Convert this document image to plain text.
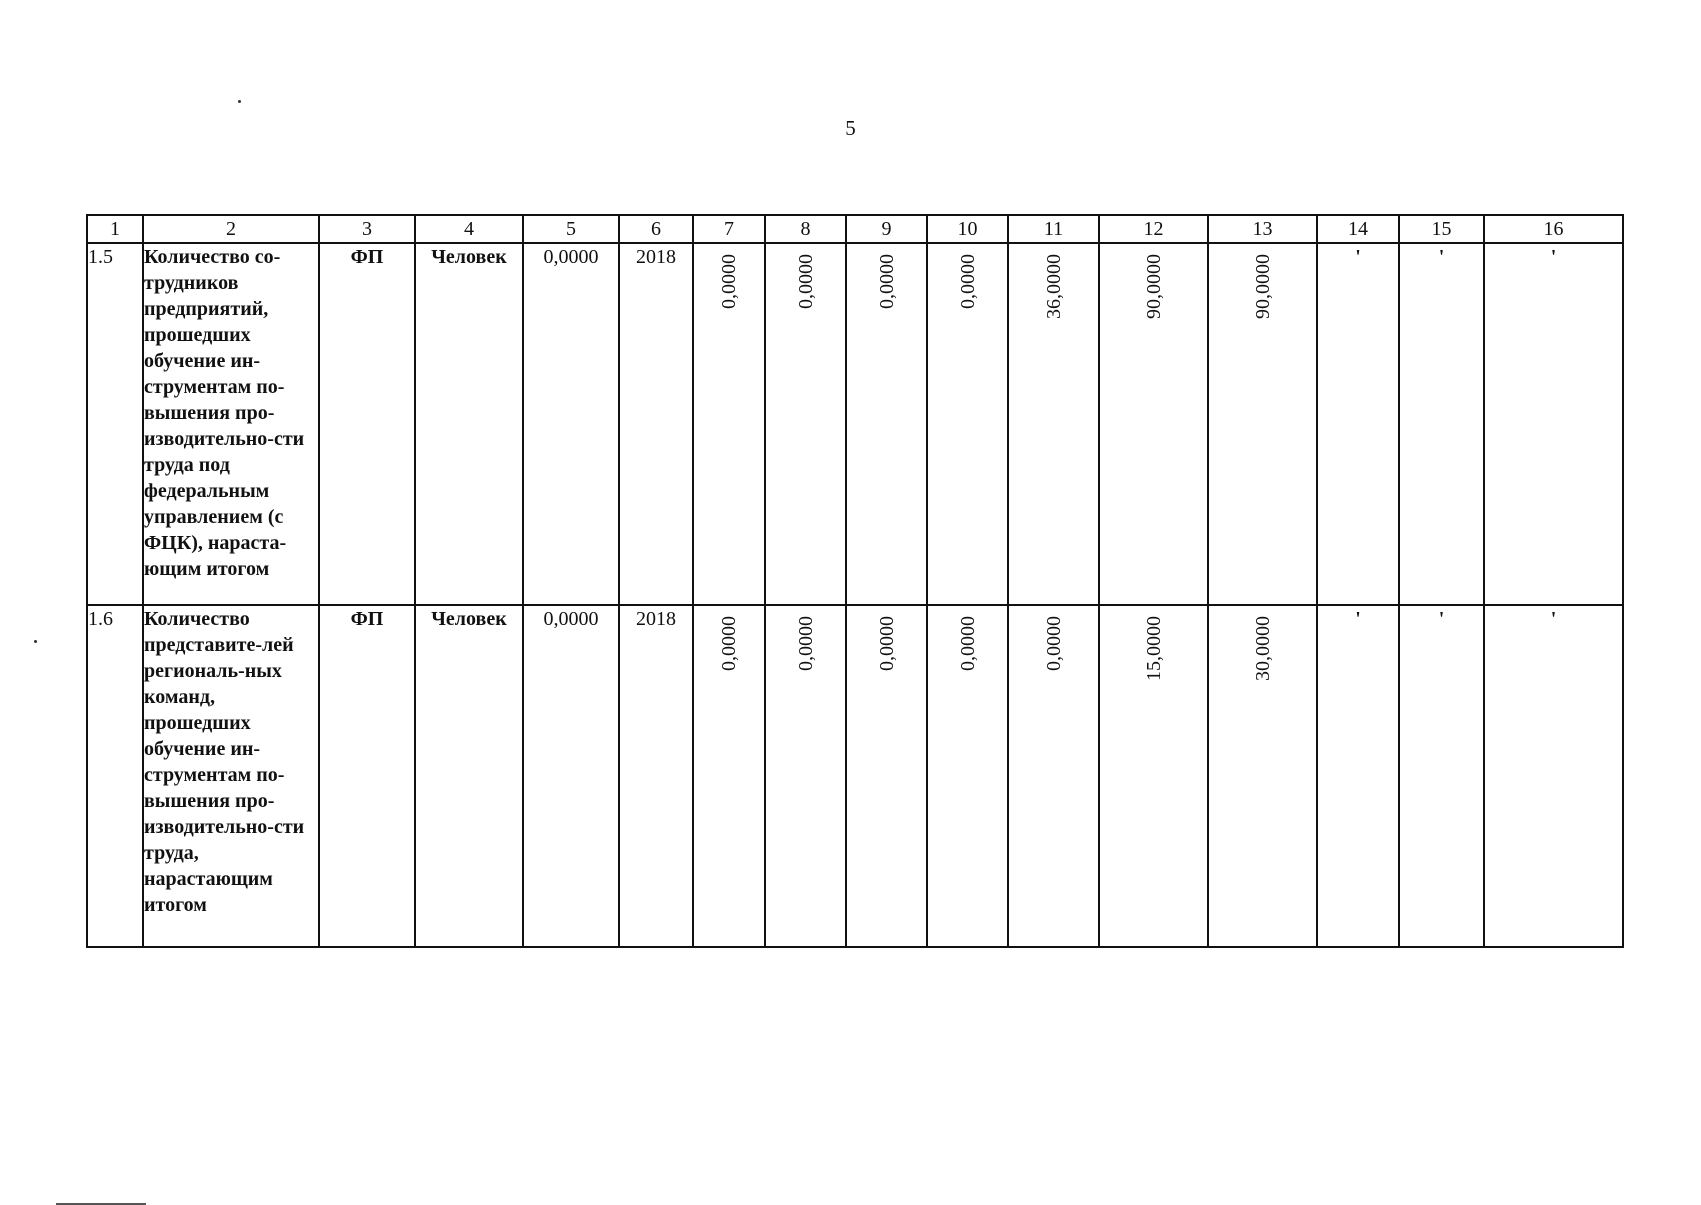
5
1	2	3	4	5	6	7	8	9	10	11	12	13	14	15	16
1.5	Количество со-трудников предприятий, прошедших обучение ин-струментам по-вышения про-изводительно-сти труда под федеральным управлением (с ФЦК), нараста-ющим итогом	ФП	Человек	0,0000	2018	0,0000	0,0000	0,0000	0,0000	36,0000	90,0000	90,0000	'	'	'
1.6	Количество представите-лей региональ-ных команд, прошедших обучение ин-струментам по-вышения про-изводительно-сти труда, нарастающим итогом	ФП	Человек	0,0000	2018	0,0000	0,0000	0,0000	0,0000	0,0000	15,0000	30,0000	'	'	'
